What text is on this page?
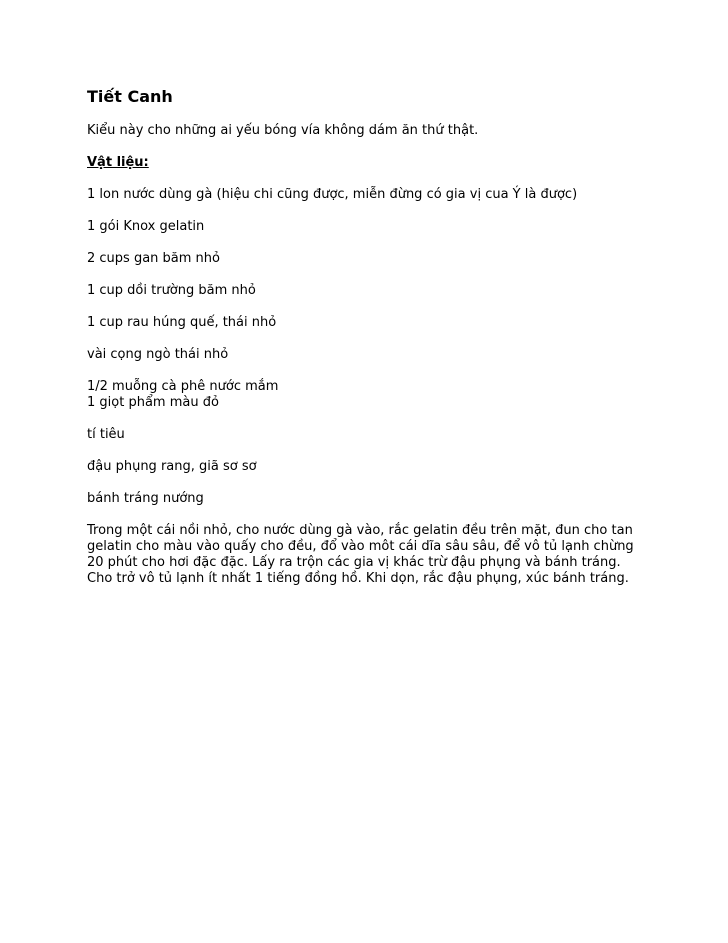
Tiết Canh
Kiểu này cho những ai yếu bóng vía không dám ăn thứ thật.
Vật liệu:
1 lon nước dùng gà (hiệu chi cũng được, miễn đừng có gia vị cua Ý là được)
1 gói Knox gelatin
2 cups gan băm nhỏ
1 cup dồi trường băm nhỏ
1 cup rau húng quế, thái nhỏ
vài cọng ngò thái nhỏ
1/2 muỗng cà phê nước mắm
1 giọt phẩm màu đỏ
tí tiêu
đậu phụng rang, giã sơ sơ
bánh tráng nướng

Trong một cái nồi nhỏ, cho nước dùng gà vào, rắc gelatin đều trên mặt, đun cho tan gelatin cho màu vào quấy cho đều, đổ vào môt cái dĩa sâu sâu, để vô tủ lạnh chừng 20 phút cho hơi đặc đặc. Lấy ra trộn các gia vị khác trừ đậu phụng và bánh tráng. Cho trở vô tủ lạnh ít nhất 1 tiếng đồng hồ. Khi dọn, rắc đậu phụng, xúc bánh tráng.
